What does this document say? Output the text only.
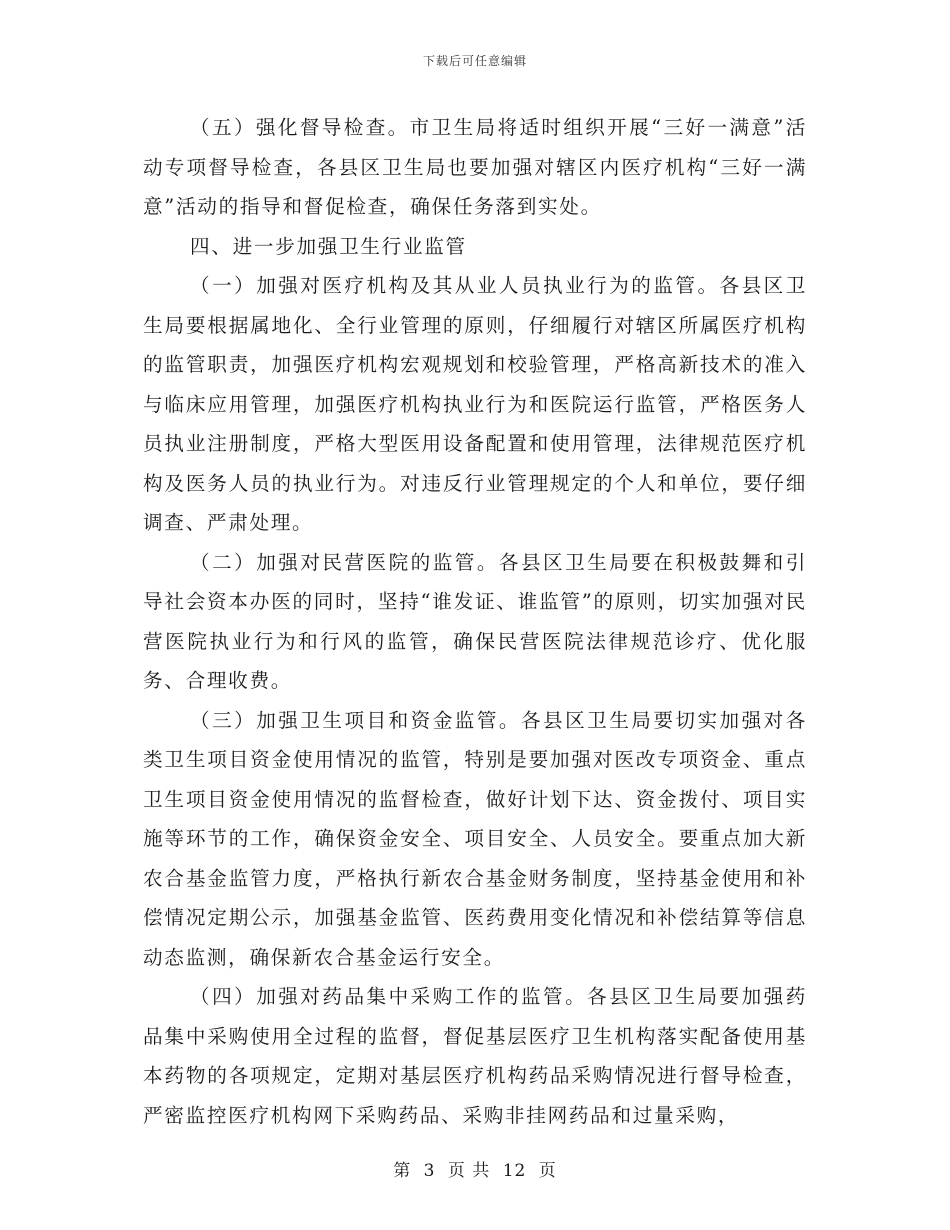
下载后可任意编辑

（五）强化督导检查。市卫生局将适时组织开展“三好一满意”活动专项督导检查，各县区卫生局也要加强对辖区内医疗机构“三好一满意”活动的指导和督促检查，确保任务落到实处。

四、进一步加强卫生行业监管

（一）加强对医疗机构及其从业人员执业行为的监管。各县区卫生局要根据属地化、全行业管理的原则，仔细履行对辖区所属医疗机构的监管职责，加强医疗机构宏观规划和校验管理，严格高新技术的准入与临床应用管理，加强医疗机构执业行为和医院运行监管，严格医务人员执业注册制度，严格大型医用设备配置和使用管理，法律规范医疗机构及医务人员的执业行为。对违反行业管理规定的个人和单位，要仔细调查、严肃处理。

（二）加强对民营医院的监管。各县区卫生局要在积极鼓舞和引导社会资本办医的同时，坚持“谁发证、谁监管”的原则，切实加强对民营医院执业行为和行风的监管，确保民营医院法律规范诊疗、优化服务、合理收费。

（三）加强卫生项目和资金监管。各县区卫生局要切实加强对各类卫生项目资金使用情况的监管，特别是要加强对医改专项资金、重点卫生项目资金使用情况的监督检查，做好计划下达、资金拨付、项目实施等环节的工作，确保资金安全、项目安全、人员安全。要重点加大新农合基金监管力度，严格执行新农合基金财务制度，坚持基金使用和补偿情况定期公示，加强基金监管、医药费用变化情况和补偿结算等信息动态监测，确保新农合基金运行安全。

（四）加强对药品集中采购工作的监管。各县区卫生局要加强药品集中采购使用全过程的监督，督促基层医疗卫生机构落实配备使用基本药物的各项规定，定期对基层医疗机构药品采购情况进行督导检查，严密监控医疗机构网下采购药品、采购非挂网药品和过量采购，

第 3 页 共 12 页
